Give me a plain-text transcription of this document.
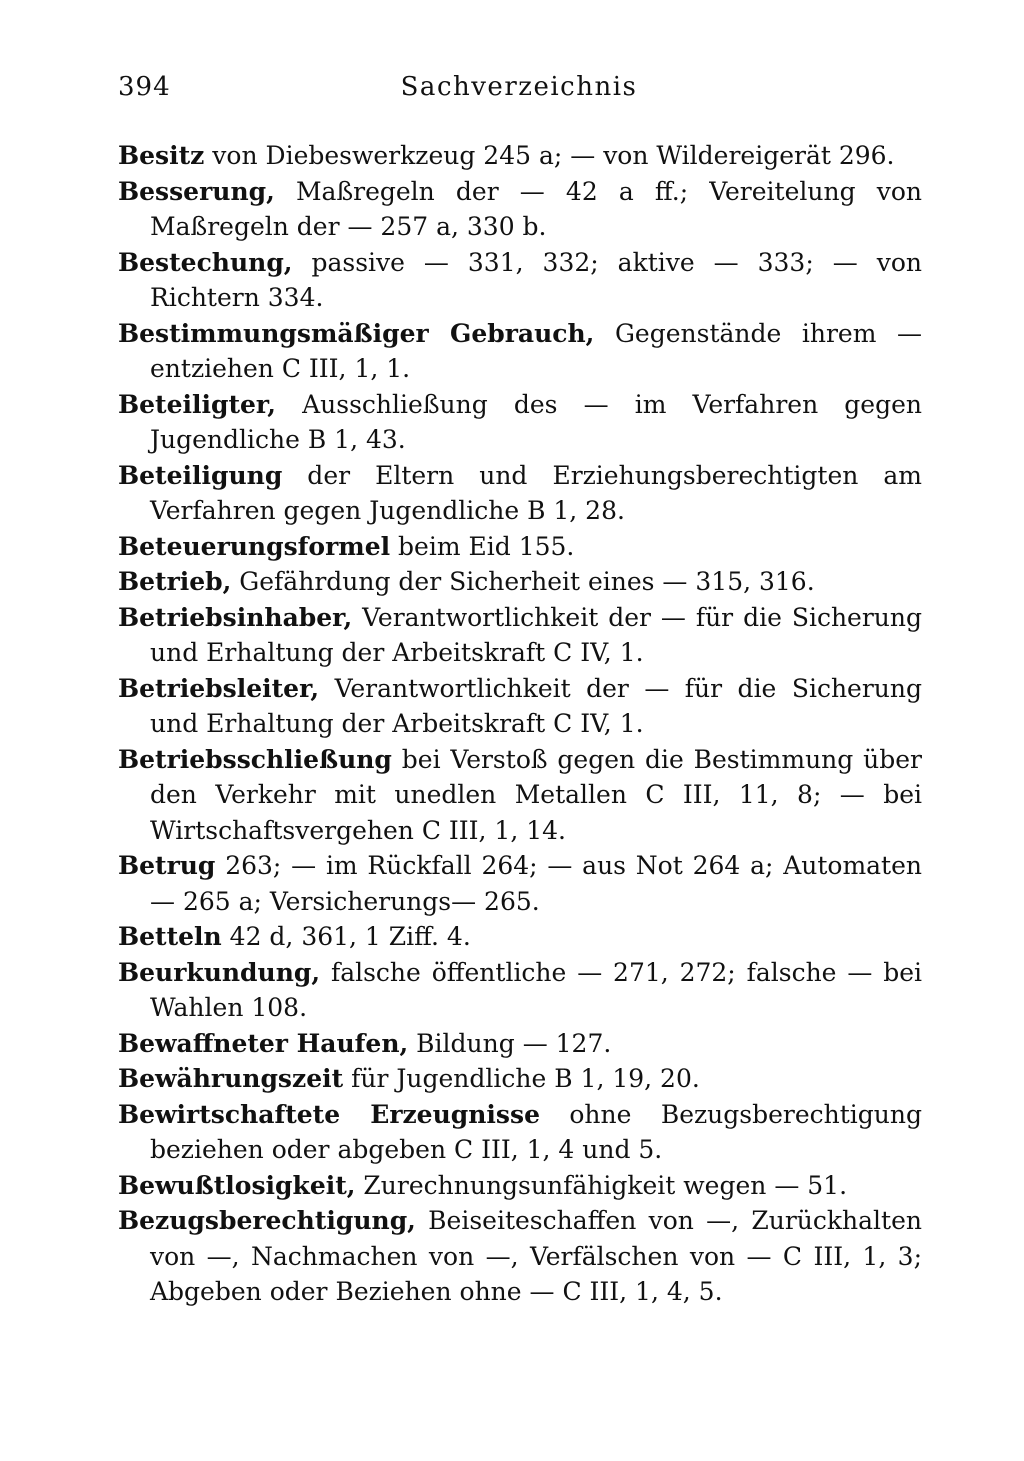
394	Sachverzeichnis

Besitz von Diebeswerkzeug 245 a; — von Wildereigerät 296.

Besserung, Maßregeln der — 42 a ff.; Vereitelung von Maßregeln der — 257 a, 330 b.

Bestechung, passive — 331, 332; aktive — 333; — von Richtern 334.

Bestimmungsmäßiger Gebrauch, Gegenstände ihrem — entziehen C III, 1, 1.

Beteiligter, Ausschließung des — im Verfahren gegen Jugendliche B 1, 43.

Beteiligung der Eltern und Erziehungsberechtigten am Verfahren gegen Jugendliche B 1, 28.

Beteuerungsformel beim Eid 155.

Betrieb, Gefährdung der Sicherheit eines — 315, 316.

Betriebsinhaber, Verantwortlichkeit der — für die Sicherung und Erhaltung der Arbeitskraft C IV, 1.

Betriebsleiter, Verantwortlichkeit der — für die Sicherung und Erhaltung der Arbeitskraft C IV, 1.

Betriebsschließung bei Verstoß gegen die Bestimmung über den Verkehr mit unedlen Metallen C III, 11, 8; — bei Wirtschaftsvergehen C III, 1, 14.

Betrug 263; — im Rückfall 264; — aus Not 264 a; Automaten — 265 a; Versicherungs— 265.

Betteln 42 d, 361, 1 Ziff. 4.

Beurkundung, falsche öffentliche — 271, 272; falsche — bei Wahlen 108.

Bewaffneter Haufen, Bildung — 127.

Bewährungszeit für Jugendliche B 1, 19, 20.

Bewirtschaftete Erzeugnisse ohne Bezugsberechtigung beziehen oder abgeben C III, 1, 4 und 5.

Bewußtlosigkeit, Zurechnungsunfähigkeit wegen — 51.

Bezugsberechtigung, Beiseiteschaffen von —, Zurückhalten von —, Nachmachen von —, Verfälschen von — C III, 1, 3; Abgeben oder Beziehen ohne — C III, 1, 4, 5.
